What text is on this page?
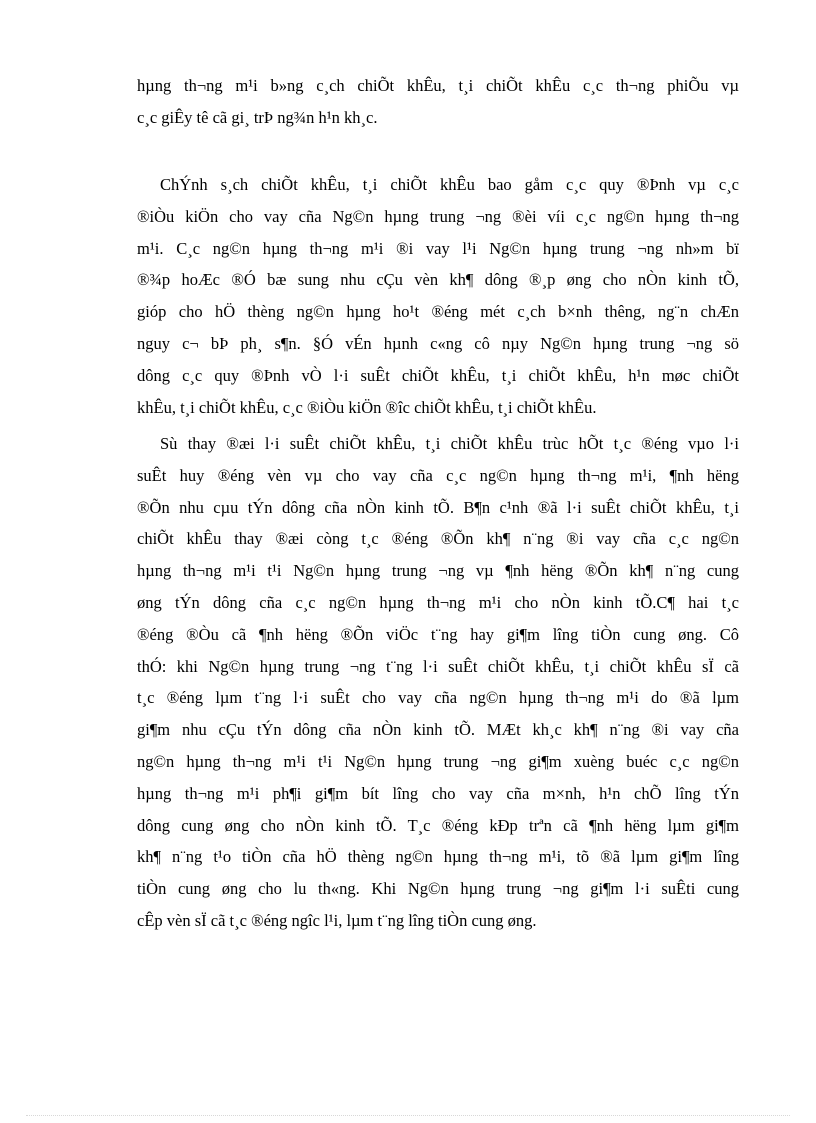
hµng th¬ng m¹i b»ng c¸ch chiÕt khÊu, t¸i chiÕt khÊu c¸c th¬ng phiÕu vµ
c¸c giÊy tê cã gi¸ trÞ ng¾n h¹n kh¸c.
ChÝnh s¸ch chiÕt khÊu, t¸i chiÕt khÊu bao gåm c¸c quy ®Þnh vµ c¸c
®iÒu kiÖn cho vay cña Ng©n hµng trung ¬ng ®èi víi c¸c ng©n hµng th¬ng
m¹i. C¸c ng©n hµng th¬ng m¹i ®i vay l¹i Ng©n hµng trung ¬ng nh»m bï
®¾p hoÆc ®Ó bæ sung nhu cÇu vèn kh¶ dông ®¸p øng cho nÒn kinh tÕ,
gióp cho hÖ thèng ng©n hµng ho¹t ®éng mét c¸ch b×nh thêng, ng¨n chÆn
nguy c¬ bÞ ph¸ s¶n. §Ó vÉn hµnh c«ng cô nµy Ng©n hµng trung ¬ng sö
dông c¸c quy ®Þnh vÒ l·i suÊt chiÕt khÊu, t¸i chiÕt khÊu, h¹n møc chiÕt
khÊu, t¸i chiÕt khÊu, c¸c ®iÒu kiÖn ®îc chiÕt khÊu, t¸i chiÕt khÊu.
Sù thay ®æi l·i suÊt chiÕt khÊu, t¸i chiÕt khÊu trùc hÕt t¸c ®éng vµo l·i
suÊt huy ®éng vèn vµ cho vay cña c¸c ng©n hµng th¬ng m¹i, ¶nh hëng
®Õn nhu cµu tÝn dông cña nÒn kinh tÕ. B¶n c¹nh ®ã l·i suÊt chiÕt khÊu, t¸i
chiÕt khÊu thay ®æi còng t¸c ®éng ®Õn kh¶ n¨ng ®i vay cña c¸c ng©n
hµng th¬ng m¹i t¹i Ng©n hµng trung ¬ng vµ ¶nh hëng ®Õn kh¶ n¨ng cung
øng tÝn dông cña c¸c ng©n hµng th¬ng m¹i cho nÒn kinh tÕ.C¶ hai t¸c
®éng ®Òu cã ¶nh hëng ®Õn viÖc t¨ng hay gi¶m lîng tiÒn cung øng. Cô
thÓ: khi Ng©n hµng trung ¬ng t¨ng l·i suÊt chiÕt khÊu, t¸i chiÕt khÊu sÏ cã
t¸c ®éng lµm t¨ng l·i suÊt cho vay cña ng©n hµng th¬ng m¹i do ®ã lµm
gi¶m nhu cÇu tÝn dông cña nÒn kinh tÕ. MÆt kh¸c kh¶ n¨ng ®i vay cña
ng©n hµng th¬ng m¹i t¹i Ng©n hµng trung ¬ng gi¶m xuèng buéc c¸c ng©n
hµng th¬ng m¹i ph¶i gi¶m bít lîng cho vay cña m×nh, h¹n chÕ lîng tÝn
dông cung øng cho nÒn kinh tÕ. T¸c ®éng kÐp trªn cã ¶nh hëng lµm gi¶m
kh¶ n¨ng t¹o tiÒn cña hÖ thèng ng©n hµng th¬ng m¹i, tõ ®ã lµm gi¶m lîng
tiÒn cung øng cho lu th«ng. Khi Ng©n hµng trung ¬ng gi¶m l·i suÊti cung
cÊp vèn sÏ cã t¸c ®éng ngîc l¹i, lµm t¨ng lîng tiÒn cung øng.
